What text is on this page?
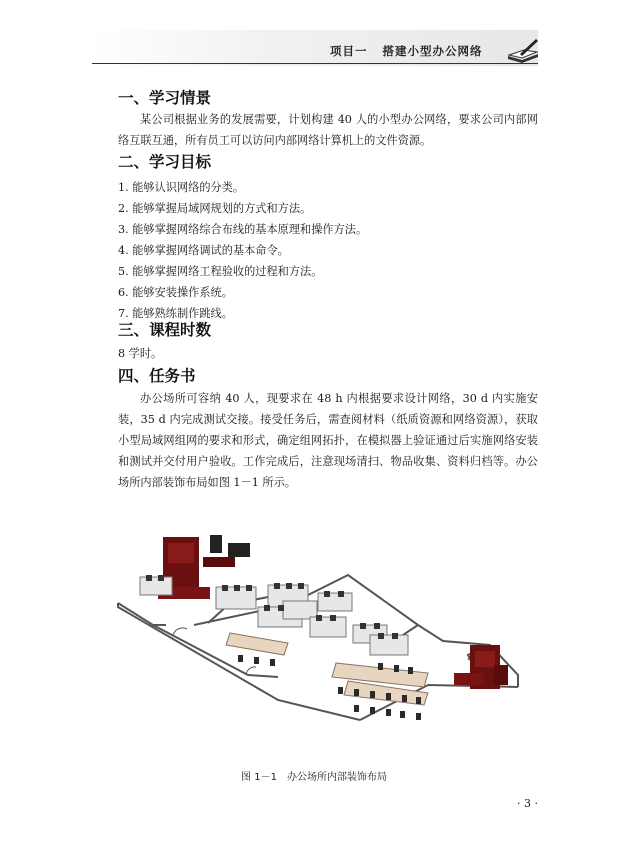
项目一 搭建小型办公网络
一、学习情景
某公司根据业务的发展需要，计划构建 40 人的小型办公网络，要求公司内部网络互联互通，所有员工可以访问内部网络计算机上的文件资源。
二、学习目标
1. 能够认识网络的分类。
2. 能够掌握局域网规划的方式和方法。
3. 能够掌握网络综合布线的基本原理和操作方法。
4. 能够掌握网络调试的基本命令。
5. 能够掌握网络工程验收的过程和方法。
6. 能够安装操作系统。
7. 能够熟练制作跳线。
三、课程时数
8 学时。
四、任务书
办公场所可容纳 40 人，现要求在 48 h 内根据要求设计网络，30 d 内实施安装，35 d 内完成测试交接。接受任务后，需查阅材料（纸质资源和网络资源），获取小型局域网组网的要求和形式，确定组网拓扑，在模拟器上验证通过后实施网络安装和测试并交付用户验收。工作完成后，注意现场清扫、物品收集、资料归档等。办公场所内部装饰布局如图 1－1 所示。
图 1－1　办公场所内部装饰布局
· 3 ·
